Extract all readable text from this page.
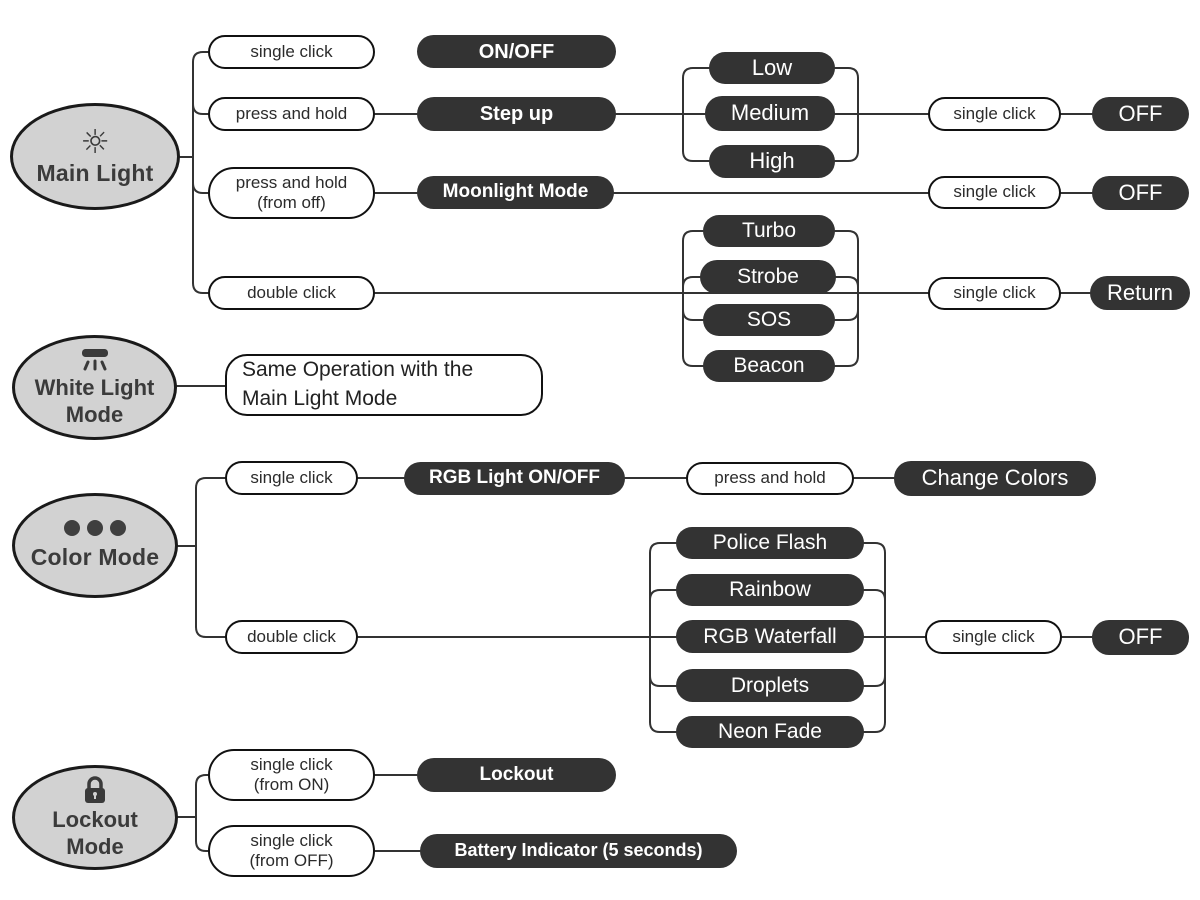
☼
Main Light
single click	ON/OFF
press and hold	Step up
Low
Medium
High
single click	OFF
press and hold
(from off)
Moonlight Mode	single click	OFF
double click
Turbo
Strobe
SOS
Beacon
single click	Return
White Light
Mode
Same Operation with the
Main Light Mode
Color Mode
single click	RGB Light ON/OFF	press and hold	Change Colors
double click
Police Flash
Rainbow
RGB Waterfall
Droplets
Neon Fade
single click	OFF
Lockout
Mode
single click
(from ON)	Lockout
single click
(from OFF)
Battery Indicator (5 seconds)
